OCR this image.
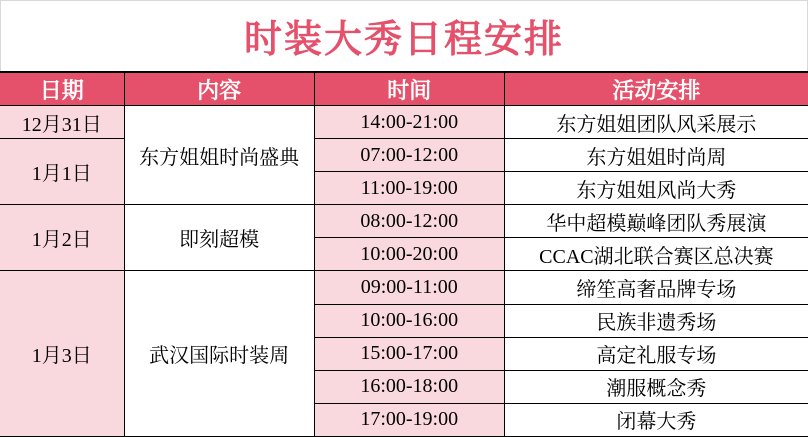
时装大秀日程安排
日期	内容	时间	活动安排
12月31日	东方姐姐时尚盛典	14:00-21:00	东方姐姐团队风采展示
1月1日		07:00-12:00	东方姐姐时尚周
		11:00-19:00	东方姐姐风尚大秀
1月2日	即刻超模	08:00-12:00	华中超模巅峰团队秀展演
		10:00-20:00	CCAC湖北联合赛区总决赛
1月3日	武汉国际时装周	09:00-11:00	缔笙高奢品牌专场
		10:00-16:00	民族非遗秀场
		15:00-17:00	高定礼服专场
		16:00-18:00	潮服概念秀
		17:00-19:00	闭幕大秀
